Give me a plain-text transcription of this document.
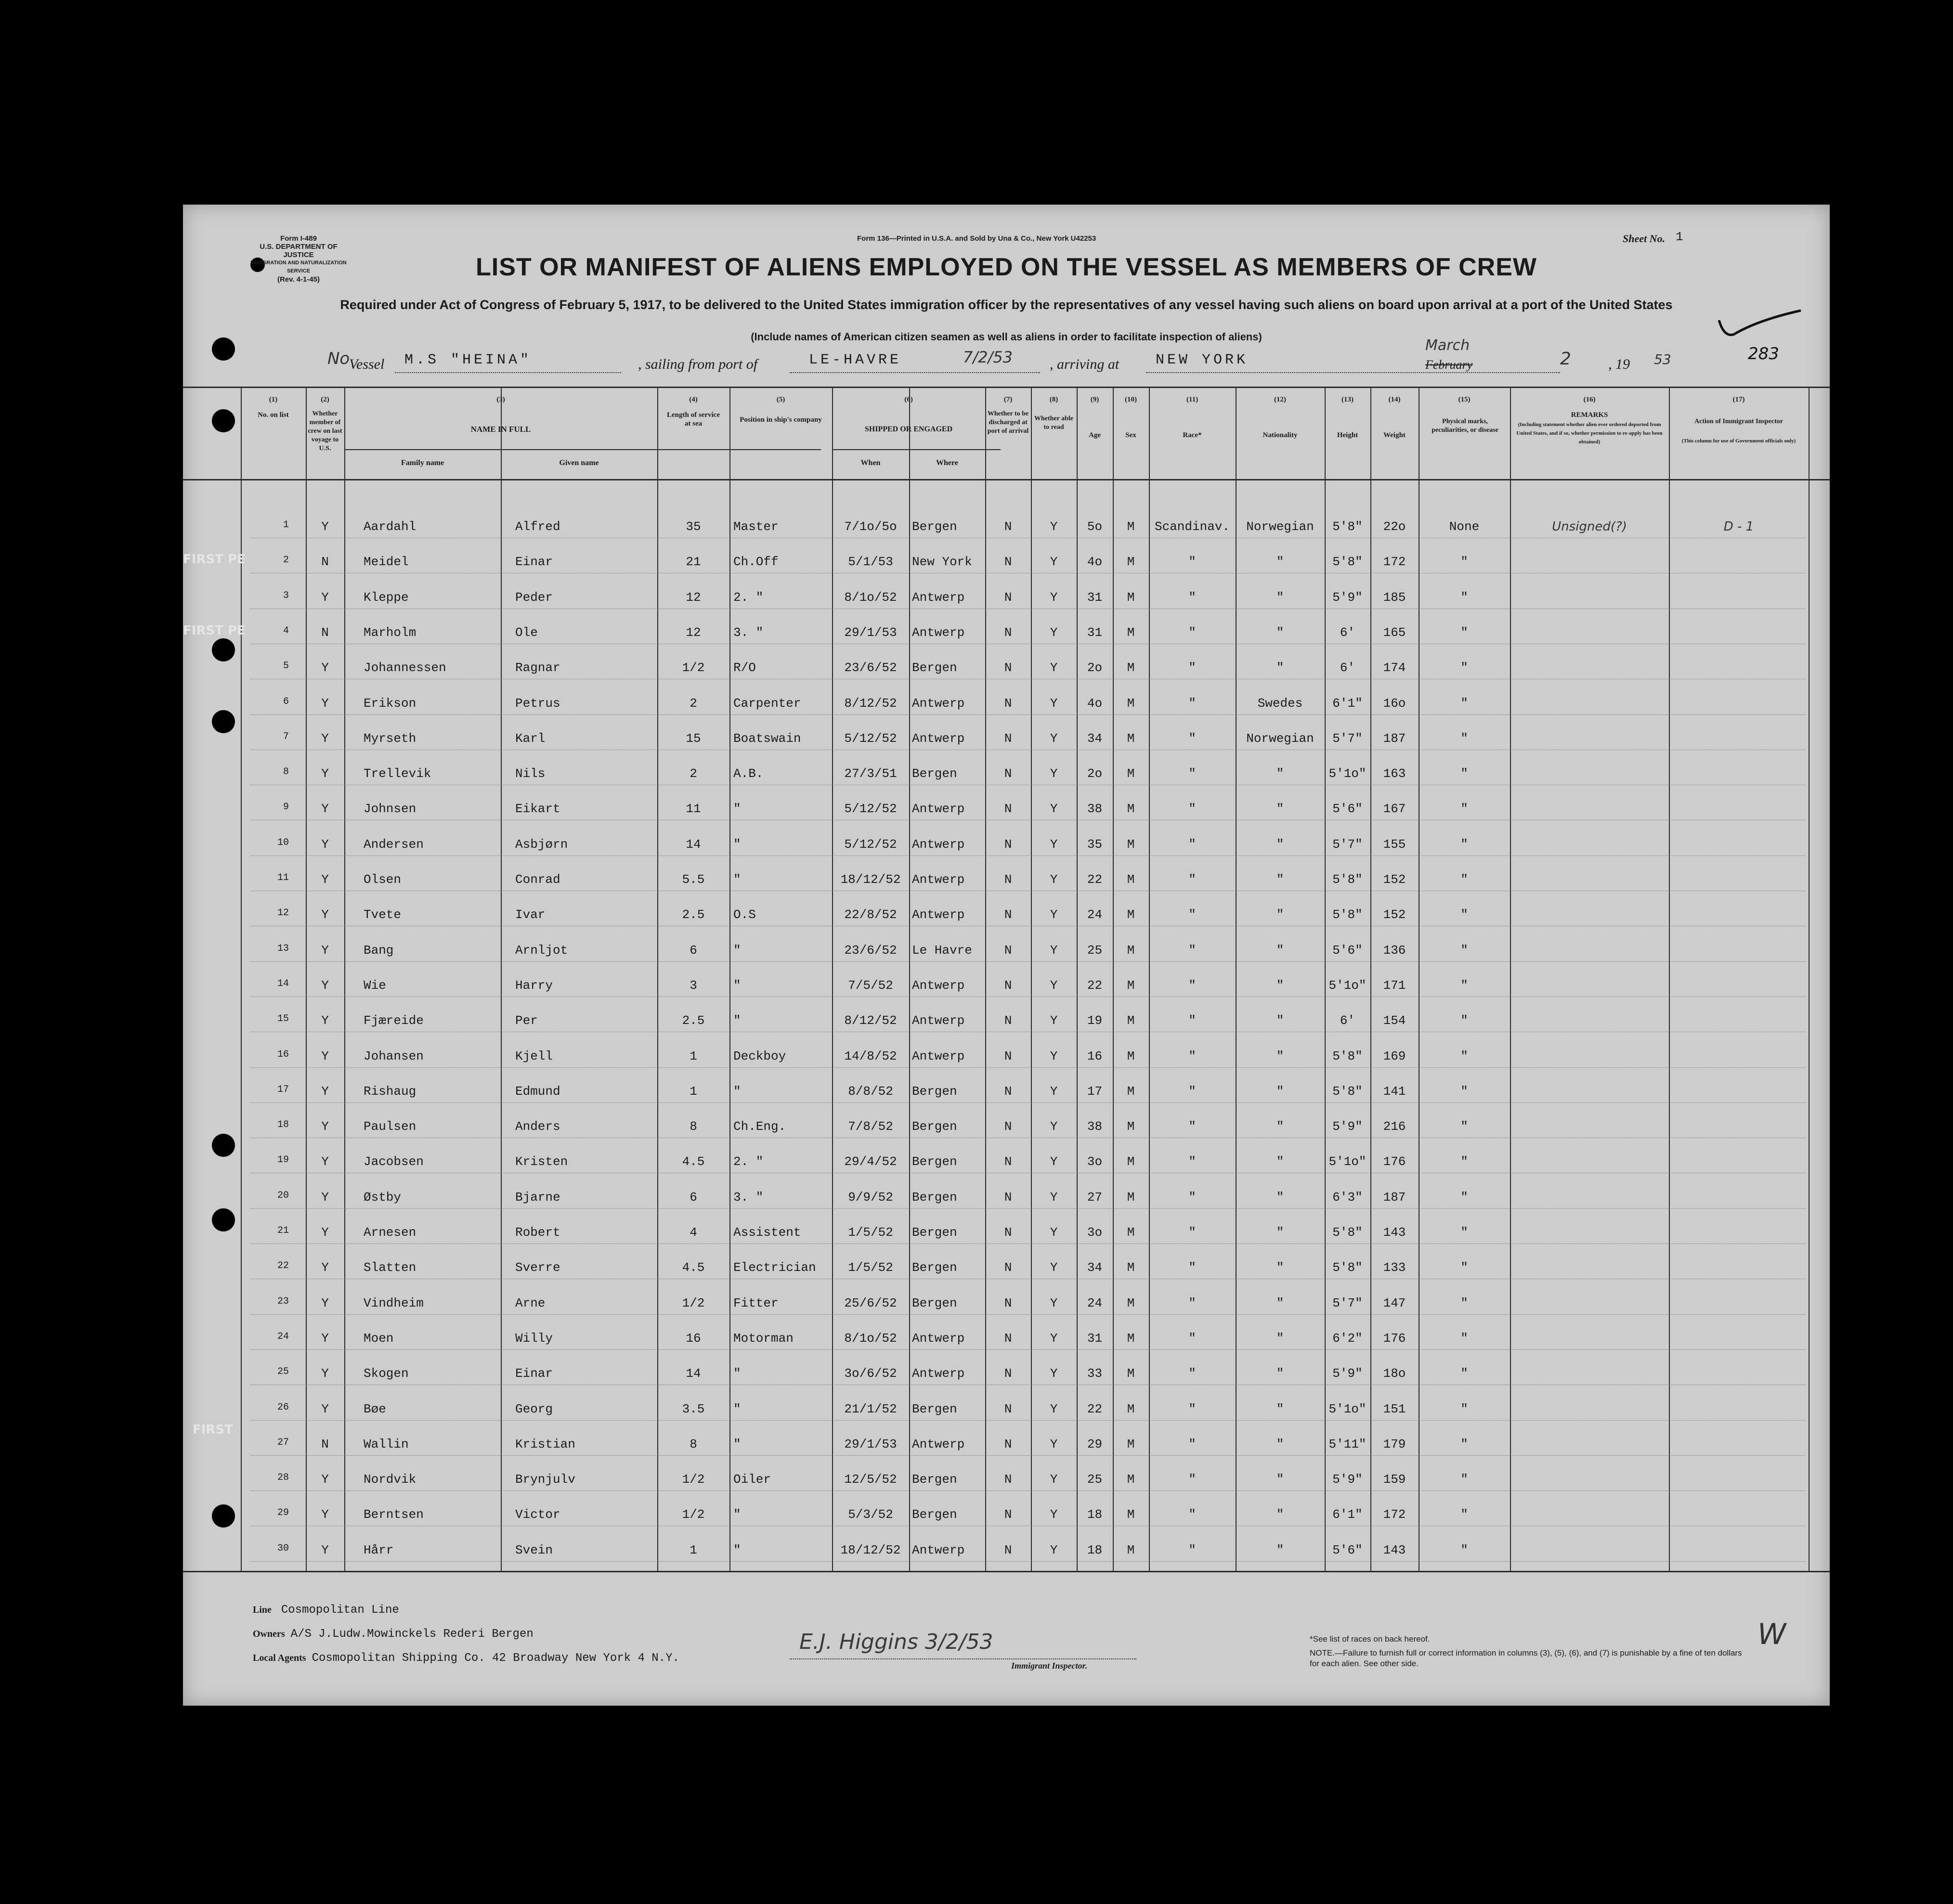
Form I-489
U.S. DEPARTMENT OF JUSTICE
IMMIGRATION AND NATURALIZATION SERVICE
(Rev. 4-1-45)
Form 136—Printed in U.S.A. and Sold by Una & Co., New York U42253	Sheet No. 1
LIST OR MANIFEST OF ALIENS EMPLOYED ON THE VESSEL AS MEMBERS OF CREW
Required under Act of Congress of February 5, 1917, to be delivered to the United States immigration officer by the representatives of any vessel having such aliens on board upon arrival at a port of the United States
(Include names of American citizen seamen as well as aliens in order to facilitate inspection of aliens)
283
No
Vessel M.S "HEINA"	, sailing from port of	LE-HAVRE	7/2/53	, arriving at	NEW YORK
March
February	2	, 19 53
(1)	(2)	(3)	(4)	(5)	(6)	(7)	(8)	(9)	(10)	(11)	(12)	(13)	(14)	(15)	(16)	(17)
No. on list	Whether member of crew on last voyage to U.S.
NAME IN FULL
Family name	Given name
Length of service at sea	Position in ship's company
SHIPPED OR ENGAGED
When	Where
Whether to be discharged at port of arrival
Whether able to read
Age	Sex	Race*	Nationality	Height	Weight
Physical marks, peculiarities, or disease
REMARKS
(Including statement whether alien ever ordered deported from United States, and if so, whether permission to re-apply has been obtained)
Action of Immigrant Inspector
(This column for use of Government officials only)
1	Y	Aardahl	Alfred	35	Master	7/1o/5o	Bergen	N	Y	5o	M	Scandinav.	Norwegian	5'8"	22o	None	Unsigned(?)	D - 1
2	N	Meidel	Einar	21	Ch.Off	5/1/53	New York	N	Y	4o	M	"	"	5'8"	172	"
3	Y	Kleppe	Peder	12	2. "	8/1o/52	Antwerp	N	Y	31	M	"	"	5'9"	185	"
4	N	Marholm	Ole	12	3. "	29/1/53	Antwerp	N	Y	31	M	"	"	6'	165	"
5	Y	Johannessen	Ragnar	1/2	R/O	23/6/52	Bergen	N	Y	2o	M	"	"	6'	174	"
6	Y	Erikson	Petrus	2	Carpenter	8/12/52	Antwerp	N	Y	4o	M	"	Swedes	6'1"	16o	"
7	Y	Myrseth	Karl	15	Boatswain	5/12/52	Antwerp	N	Y	34	M	"	Norwegian	5'7"	187	"
8	Y	Trellevik	Nils	2	A.B.	27/3/51	Bergen	N	Y	2o	M	"	"	5'1o"	163	"
9	Y	Johnsen	Eikart	11	"	5/12/52	Antwerp	N	Y	38	M	"	"	5'6"	167	"
10	Y	Andersen	Asbjørn	14	"	5/12/52	Antwerp	N	Y	35	M	"	"	5'7"	155	"
11	Y	Olsen	Conrad	5.5	"	18/12/52 Antwerp	N	Y	22	M	"	"	5'8"	152	"
12	Y	Tvete	Ivar	2.5	O.S	22/8/52	Antwerp	N	Y	24	M	"	"	5'8"	152	"
13	Y	Bang	Arnljot	6	"	23/6/52	Le Havre	N	Y	25	M	"	"	5'6"	136	"
14	Y	Wie	Harry	3	"	7/5/52	Antwerp	N	Y	22	M	"	"	5'1o"	171	"
15	Y	Fjæreide	Per	2.5	"	8/12/52	Antwerp	N	Y	19	M	"	"	6'	154	"
16	Y	Johansen	Kjell	1	Deckboy	14/8/52	Antwerp	N	Y	16	M	"	"	5'8"	169	"
17	Y	Rishaug	Edmund	1	"	8/8/52	Bergen	N	Y	17	M	"	"	5'8"	141	"
18	Y	Paulsen	Anders	8	Ch.Eng.	7/8/52	Bergen	N	Y	38	M	"	"	5'9"	216	"
19	Y	Jacobsen	Kristen	4.5	2. "	29/4/52	Bergen	N	Y	3o	M	"	"	5'1o"	176	"
20	Y	Østby	Bjarne	6	3. "	9/9/52	Bergen	N	Y	27	M	"	"	6'3"	187	"
21	Y	Arnesen	Robert	4	Assistent	1/5/52	Bergen	N	Y	3o	M	"	"	5'8"	143	"
22	Y	Slatten	Sverre	4.5	Electrician	1/5/52	Bergen	N	Y	34	M	"	"	5'8"	133	"
23	Y	Vindheim	Arne	1/2	Fitter	25/6/52	Bergen	N	Y	24	M	"	"	5'7"	147	"
24	Y	Moen	Willy	16	Motorman	8/1o/52	Antwerp	N	Y	31	M	"	"	6'2"	176	"
25	Y	Skogen	Einar	14	"	3o/6/52	Antwerp	N	Y	33	M	"	"	5'9"	18o	"
26	Y	Bøe	Georg	3.5	"	21/1/52	Bergen	N	Y	22	M	"	"	5'1o"	151	"
27	N	Wallin	Kristian	8	"	29/1/53	Antwerp	N	Y	29	M	"	"	5'11"	179	"
28	Y	Nordvik	Brynjulv	1/2	Oiler	12/5/52	Bergen	N	Y	25	M	"	"	5'9"	159	"
29	Y	Berntsen	Victor	1/2	"	5/3/52	Bergen	N	Y	18	M	"	"	6'1"	172	"
30	Y	Hårr	Svein	1	"	18/12/52 Antwerp	N	Y	18	M	"	"	5'6"	143	"
FIRST PE
FIRST PE
FIRST
Line Cosmopolitan Line
Owners A/S J.Ludw.Mowinckels Rederi Bergen
Local Agents Cosmopolitan Shipping Co. 42 Broadway New York 4 N.Y.
E.J. Higgins 3/2/53
Immigrant Inspector.
*See list of races on back hereof.
NOTE.—Failure to furnish full or correct information in columns (3), (5), (6), and (7) is punishable by a fine of ten dollars for each alien. See other side.
W
